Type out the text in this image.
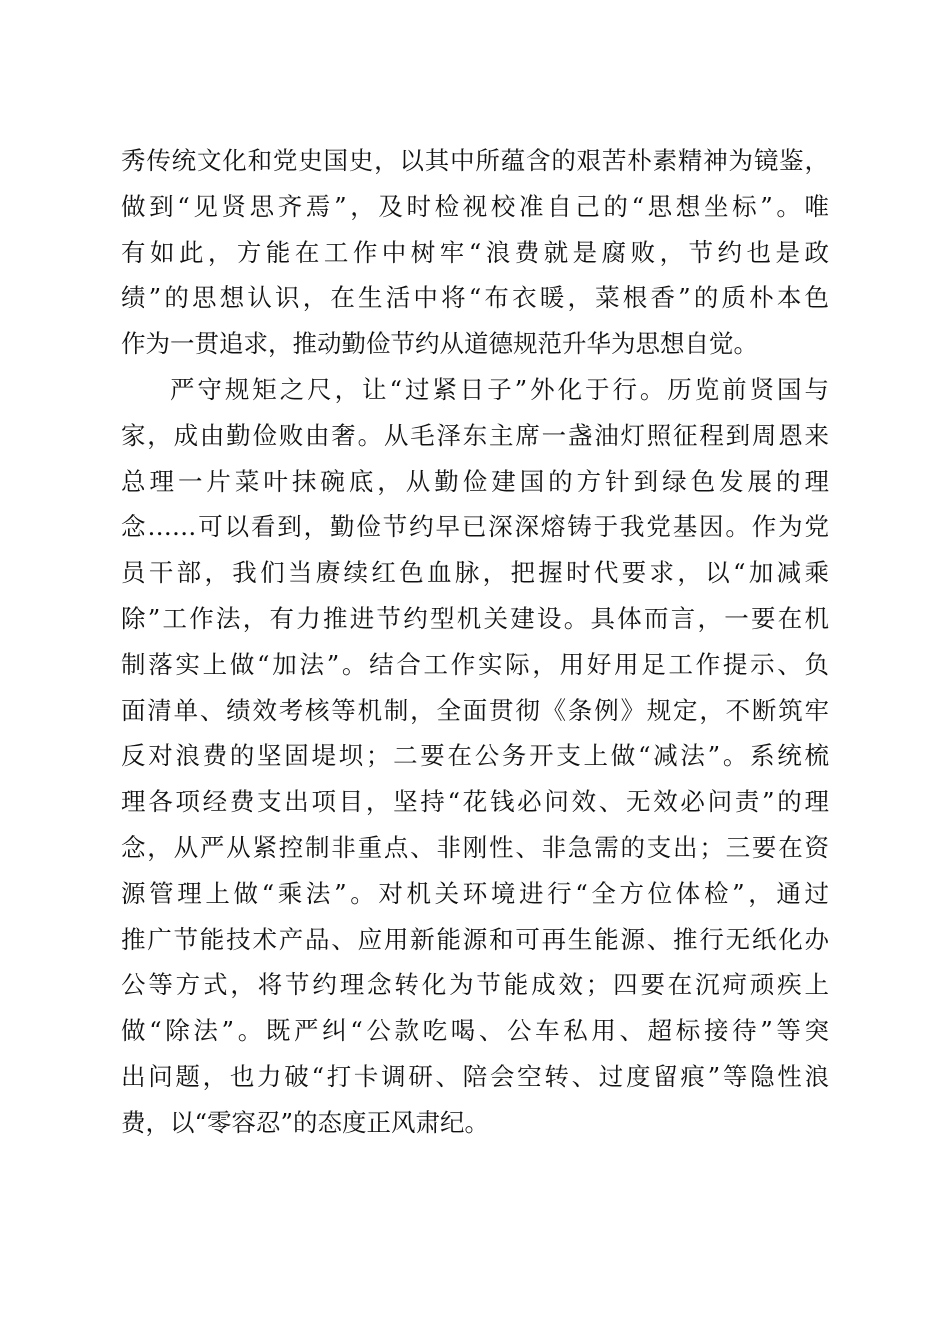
秀传统文化和党史国史，以其中所蕴含的艰苦朴素精神为镜鉴，
做到“见贤思齐焉”，及时检视校准自己的“思想坐标”。唯
有如此，方能在工作中树牢“浪费就是腐败，节约也是政
绩”的思想认识，在生活中将“布衣暖，菜根香”的质朴本色
作为一贯追求，推动勤俭节约从道德规范升华为思想自觉。
严守规矩之尺，让“过紧日子”外化于行。历览前贤国与
家，成由勤俭败由奢。从毛泽东主席一盏油灯照征程到周恩来
总理一片菜叶抹碗底，从勤俭建国的方针到绿色发展的理
念……可以看到，勤俭节约早已深深熔铸于我党基因。作为党
员干部，我们当赓续红色血脉，把握时代要求，以“加减乘
除”工作法，有力推进节约型机关建设。具体而言，一要在机
制落实上做“加法”。结合工作实际，用好用足工作提示、负
面清单、绩效考核等机制，全面贯彻《条例》规定，不断筑牢
反对浪费的坚固堤坝；二要在公务开支上做“减法”。系统梳
理各项经费支出项目，坚持“花钱必问效、无效必问责”的理
念，从严从紧控制非重点、非刚性、非急需的支出；三要在资
源管理上做“乘法”。对机关环境进行“全方位体检”，通过
推广节能技术产品、应用新能源和可再生能源、推行无纸化办
公等方式，将节约理念转化为节能成效；四要在沉疴顽疾上
做“除法”。既严纠“公款吃喝、公车私用、超标接待”等突
出问题，也力破“打卡调研、陪会空转、过度留痕”等隐性浪
费，以“零容忍”的态度正风肃纪。
